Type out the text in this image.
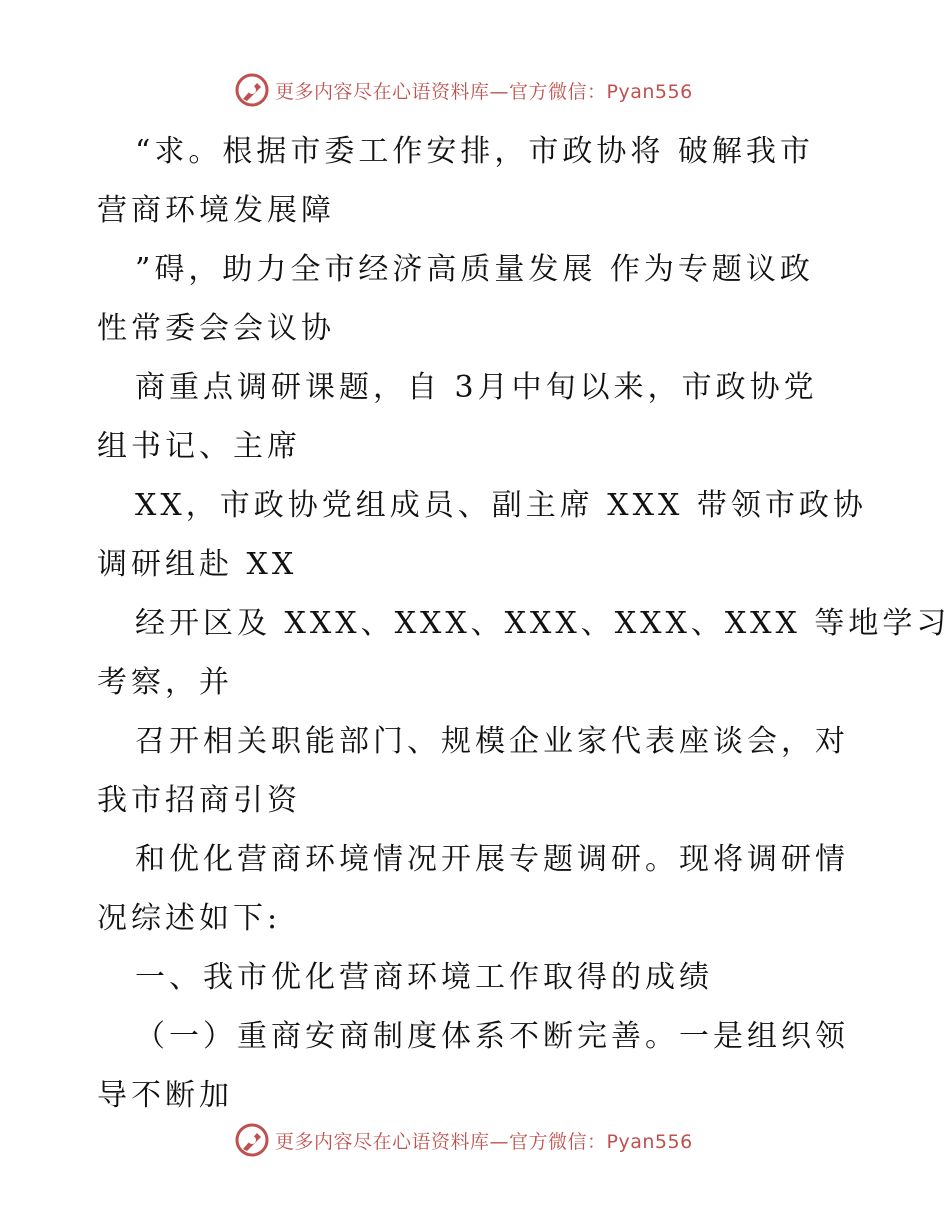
更多内容尽在心语资料库—官方微信：Pyan556
“求。根据市委工作安排，市政协将 破解我市
营商环境发展障
”碍，助力全市经济高质量发展 作为专题议政
性常委会会议协
商重点调研课题，自 3月中旬以来，市政协党
组书记、主席
XX，市政协党组成员、副主席 XXX 带领市政协
调研组赴 XX
经开区及 XXX、XXX、XXX、XXX、XXX 等地学习
考察，并
召开相关职能部门、规模企业家代表座谈会，对
我市招商引资
和优化营商环境情况开展专题调研。现将调研情
况综述如下:
一、我市优化营商环境工作取得的成绩
（一）重商安商制度体系不断完善。一是组织领
导不断加
更多内容尽在心语资料库—官方微信：Pyan556
